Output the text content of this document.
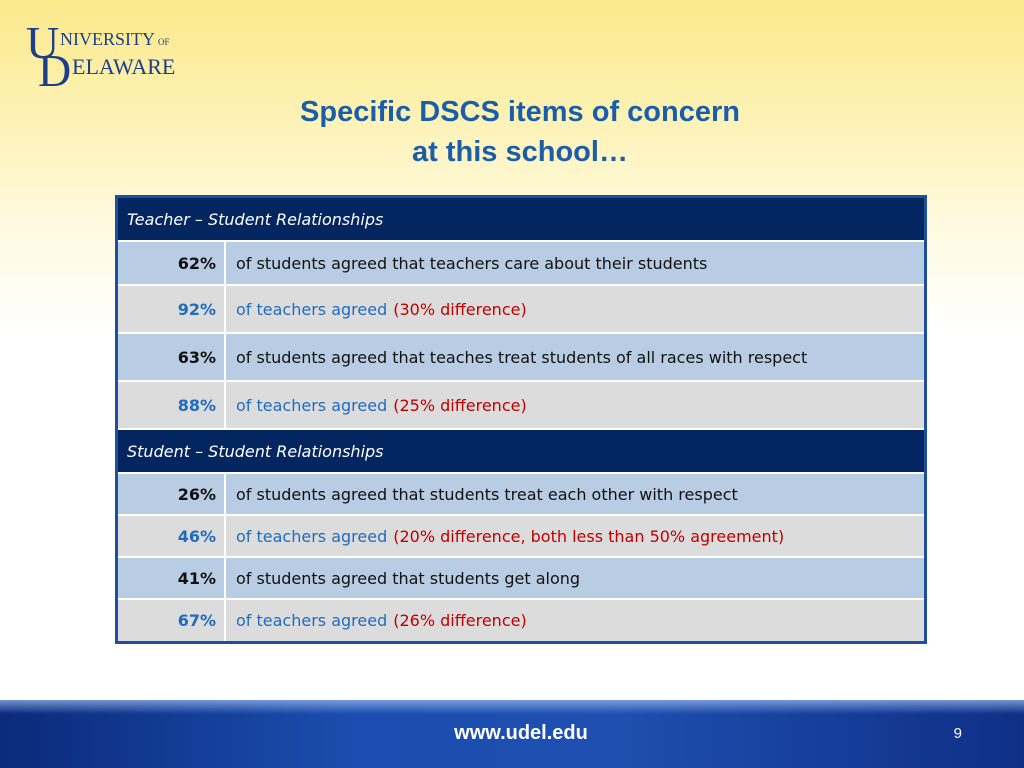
U NIVERSITY OF
D ELAWARE
Specific DSCS items of concern
at this school…
Teacher – Student Relationships
62%	of students agreed that teachers care about their students
92%	of teachers agreed (30% difference)
63%	of students agreed that teaches treat students of all races with respect
88%	of teachers agreed (25% difference)
Student – Student Relationships
26%	of students agreed that students treat each other with respect
46%	of teachers agreed (20% difference, both less than 50% agreement)
41%	of students agreed that students get along
67%	of teachers agreed (26% difference)
www.udel.edu	9
